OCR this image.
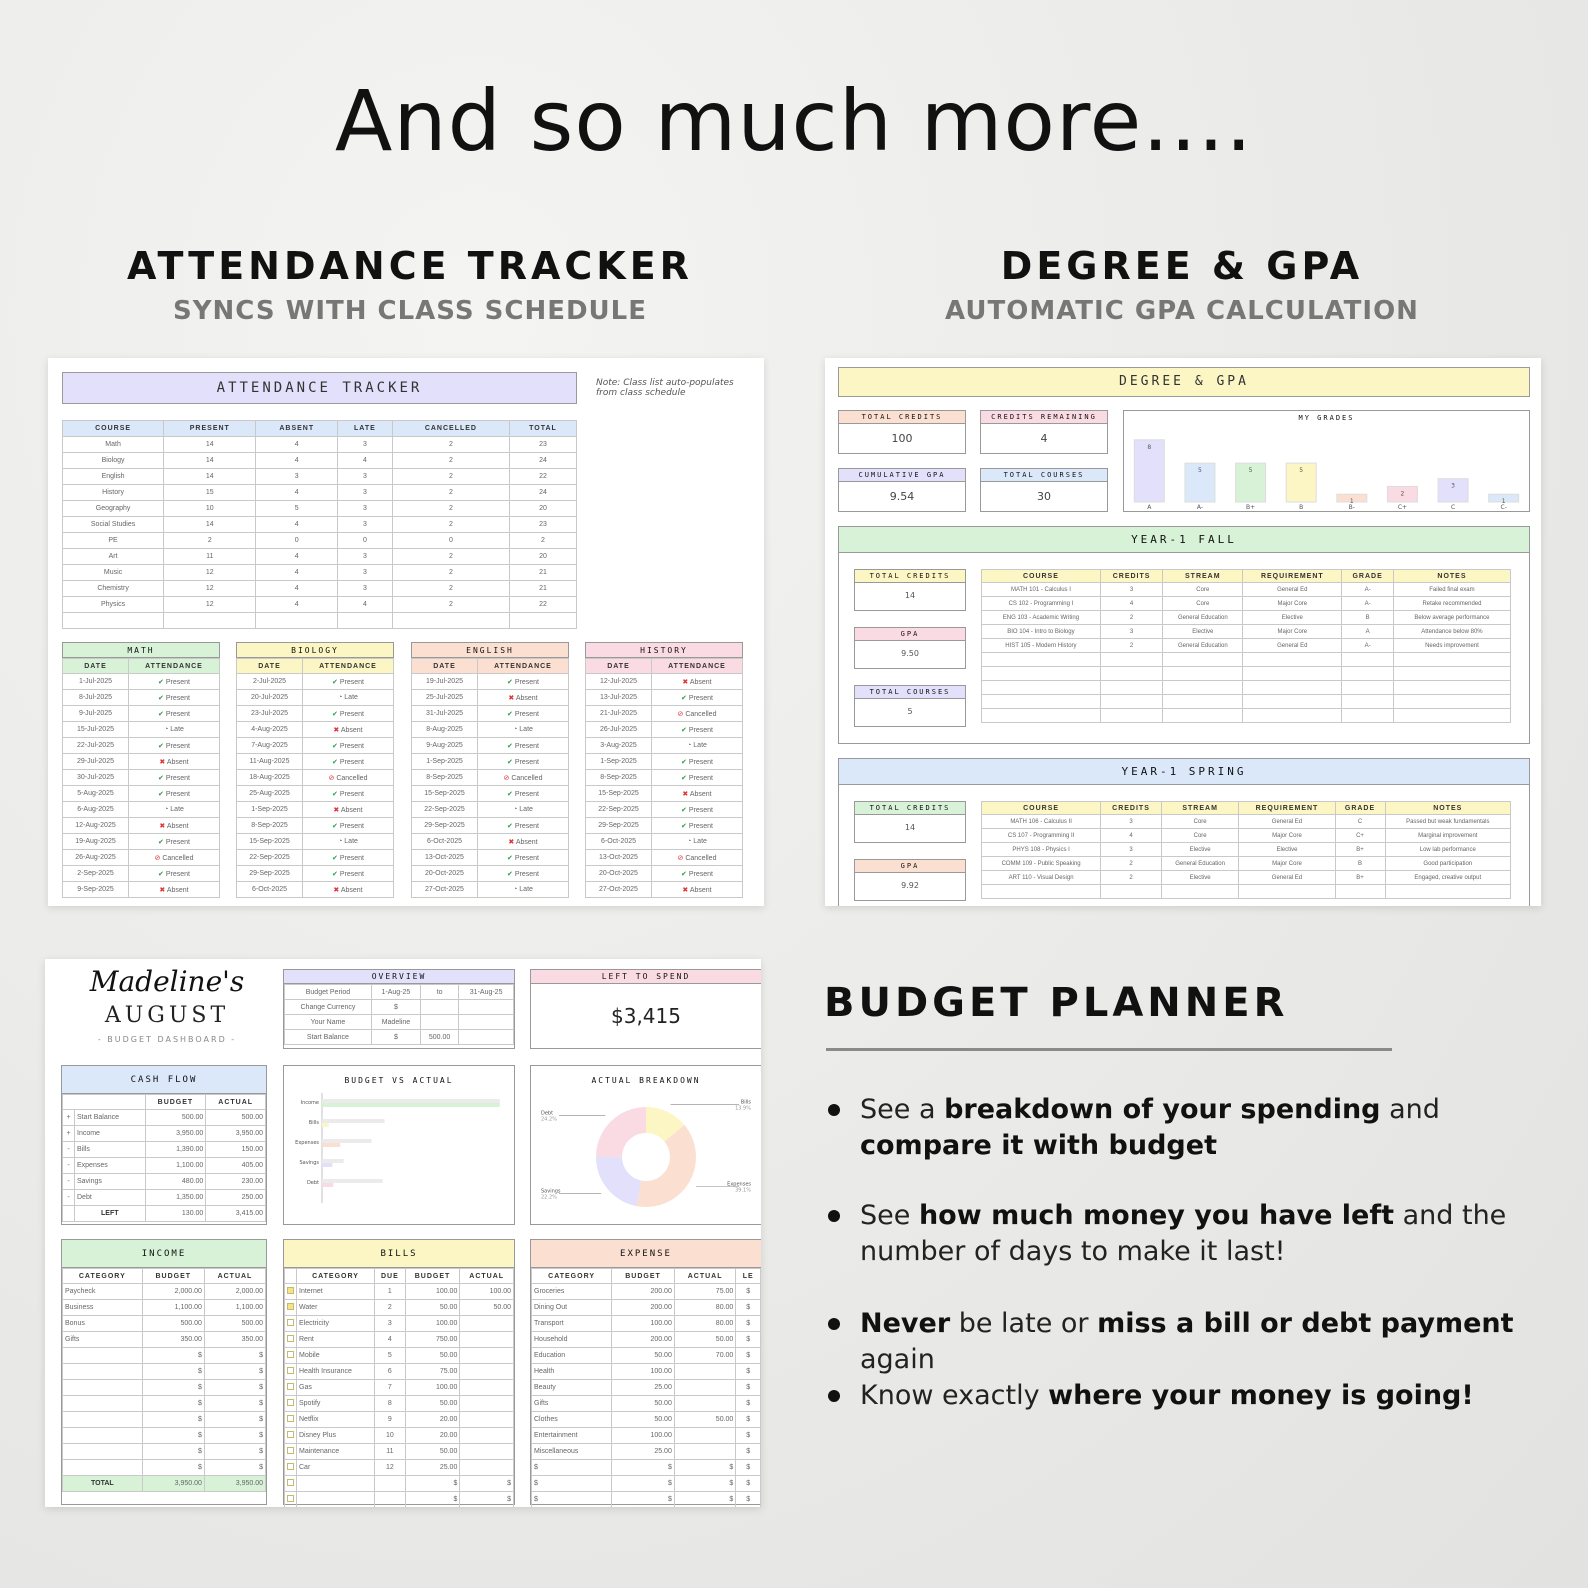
And so much more....
ATTENDANCE TRACKER
SYNCS WITH CLASS SCHEDULE
DEGREE & GPA
AUTOMATIC GPA CALCULATION
ATTENDANCE TRACKER	Note: Class list auto-populates from class schedule
COURSE	PRESENT	ABSENT	LATE	CANCELLED	TOTAL
Math	14	4	3	2	23
Biology	14	4	4	2	24
English	14	3	3	2	22
History	15	4	3	2	24
Geography	10	5	3	2	20
Social Studies	14	4	3	2	23
PE	2	0	0	0	2
Art	11	4	3	2	20
Music	12	4	3	2	21
Chemistry	12	4	3	2	21
Physics	12	4	4	2	22

MATH
DATE	ATTENDANCE
1-Jul-2025	✔ Present
8-Jul-2025	✔ Present
9-Jul-2025	✔ Present
15-Jul-2025	◔ Late
22-Jul-2025	✔ Present
29-Jul-2025	✖ Absent
30-Jul-2025	✔ Present
5-Aug-2025	✔ Present
6-Aug-2025	◔ Late
12-Aug-2025	✖ Absent
19-Aug-2025	✔ Present
26-Aug-2025	⊘ Cancelled
2-Sep-2025	✔ Present
9-Sep-2025	✖ Absent
BIOLOGY
DATE	ATTENDANCE
2-Jul-2025	✔ Present
20-Jul-2025	◔ Late
23-Jul-2025	✔ Present
4-Aug-2025	✖ Absent
7-Aug-2025	✔ Present
11-Aug-2025	✔ Present
18-Aug-2025	⊘ Cancelled
25-Aug-2025	✔ Present
1-Sep-2025	✖ Absent
8-Sep-2025	✔ Present
15-Sep-2025	◔ Late
22-Sep-2025	✔ Present
29-Sep-2025	✔ Present
6-Oct-2025	✖ Absent
ENGLISH
DATE	ATTENDANCE
19-Jul-2025	✔ Present
25-Jul-2025	✖ Absent
31-Jul-2025	✔ Present
8-Aug-2025	◔ Late
9-Aug-2025	✔ Present
1-Sep-2025	✔ Present
8-Sep-2025	⊘ Cancelled
15-Sep-2025	✔ Present
22-Sep-2025	◔ Late
29-Sep-2025	✔ Present
6-Oct-2025	✖ Absent
13-Oct-2025	✔ Present
20-Oct-2025	✔ Present
27-Oct-2025	◔ Late
HISTORY
DATE	ATTENDANCE
12-Jul-2025	✖ Absent
13-Jul-2025	✔ Present
21-Jul-2025	⊘ Cancelled
26-Jul-2025	✔ Present
3-Aug-2025	◔ Late
1-Sep-2025	✔ Present
8-Sep-2025	✔ Present
15-Sep-2025	✖ Absent
22-Sep-2025	✔ Present
29-Sep-2025	✔ Present
6-Oct-2025	◔ Late
13-Oct-2025	⊘ Cancelled
20-Oct-2025	✔ Present
27-Oct-2025	✖ Absent
DEGREE & GPA
TOTAL CREDITS
100
CREDITS REMAINING
4
CUMULATIVE GPA
9.54
TOTAL COURSES
30
MY GRADES
8
A
5
A-
5
B+
5
B
1
B-
2
C+
3
C
1
C-
YEAR-1 FALL
TOTAL CREDITS
14
GPA
9.50
TOTAL COURSES
5
COURSE	CREDITS	STREAM	REQUIREMENT	GRADE	NOTES
MATH 101 - Calculus I	3	Core	General Ed	A-	Failed final exam
CS 102 - Programming I	4	Core	Major Core	A-	Retake recommended
ENG 103 - Academic Writing	2	General Education	Elective	B	Below average performance
BIO 104 - Intro to Biology	3	Elective	Major Core	A	Attendance below 80%
HIST 105 - Modern History	2	General Education	General Ed	A-	Needs improvement

YEAR-1 SPRING
TOTAL CREDITS
14
GPA
9.92
COURSE	CREDITS	STREAM	REQUIREMENT	GRADE	NOTES
MATH 106 - Calculus II	3	Core	General Ed	C	Passed but weak fundamentals
CS 107 - Programming II	4	Core	Major Core	C+	Marginal improvement
PHYS 108 - Physics I	3	Elective	Elective	B+	Low lab performance
COMM 109 - Public Speaking	2	General Education	Major Core	B	Good participation
ART 110 - Visual Design	2	Elective	General Ed	B+	Engaged, creative output

Madeline's
AUGUST
- BUDGET DASHBOARD -
OVERVIEW
Budget Period	1-Aug-25	to	31-Aug-25
Change Currency	$		
Your Name	Madeline		
Start Balance	$	500.00	
LEFT TO SPEND
$3,415
CASH FLOW
		BUDGET	ACTUAL
+	Start Balance	500.00	500.00
+	Income	3,950.00	3,950.00
-	Bills	1,390.00	150.00
-	Expenses	1,100.00	405.00
-	Savings	480.00	230.00
-	Debt	1,350.00	250.00
	LEFT	130.00	3,415.00
BUDGET VS ACTUAL
Income
Bills
Expenses
Savings
Debt
ACTUAL BREAKDOWN
Bills
13.9%
Expenses
39.1%
Savings
22.2%
Debt
24.2%
INCOME
CATEGORY	BUDGET	ACTUAL
Paycheck	2,000.00	2,000.00
Business	1,100.00	1,100.00
Bonus	500.00	500.00
Gifts	350.00	350.00
	$	$
	$	$
	$	$
	$	$
	$	$
	$	$
	$	$
	$	$
TOTAL	3,950.00	3,950.00
BILLS
	CATEGORY	DUE	BUDGET	ACTUAL
	Internet	1	100.00	100.00
	Water	2	50.00	50.00
	Electricity	3	100.00	
	Rent	4	750.00	
	Mobile	5	50.00	
	Health Insurance	6	75.00	
	Gas	7	100.00	
	Spotify	8	50.00	
	Netflix	9	20.00	
	Disney Plus	10	20.00	
	Maintenance	11	50.00	
	Car	12	25.00	
			$	$
			$	$
EXPENSE
CATEGORY	BUDGET	ACTUAL	LE
Groceries	200.00	75.00	$
Dining Out	200.00	80.00	$
Transport	100.00	80.00	$
Household	200.00	50.00	$
Education	50.00	70.00	$
Health	100.00		$
Beauty	25.00		$
Gifts	50.00		$
Clothes	50.00	50.00	$
Entertainment	100.00		$
Miscellaneous	25.00		$
$	$	$	$
$	$	$	$
$	$	$	$
BUDGET PLANNER
See a breakdown of your spending and compare it with budget
See how much money you have left and the number of days to make it last!
Never be late or miss a bill or debt payment again
Know exactly where your money is going!
